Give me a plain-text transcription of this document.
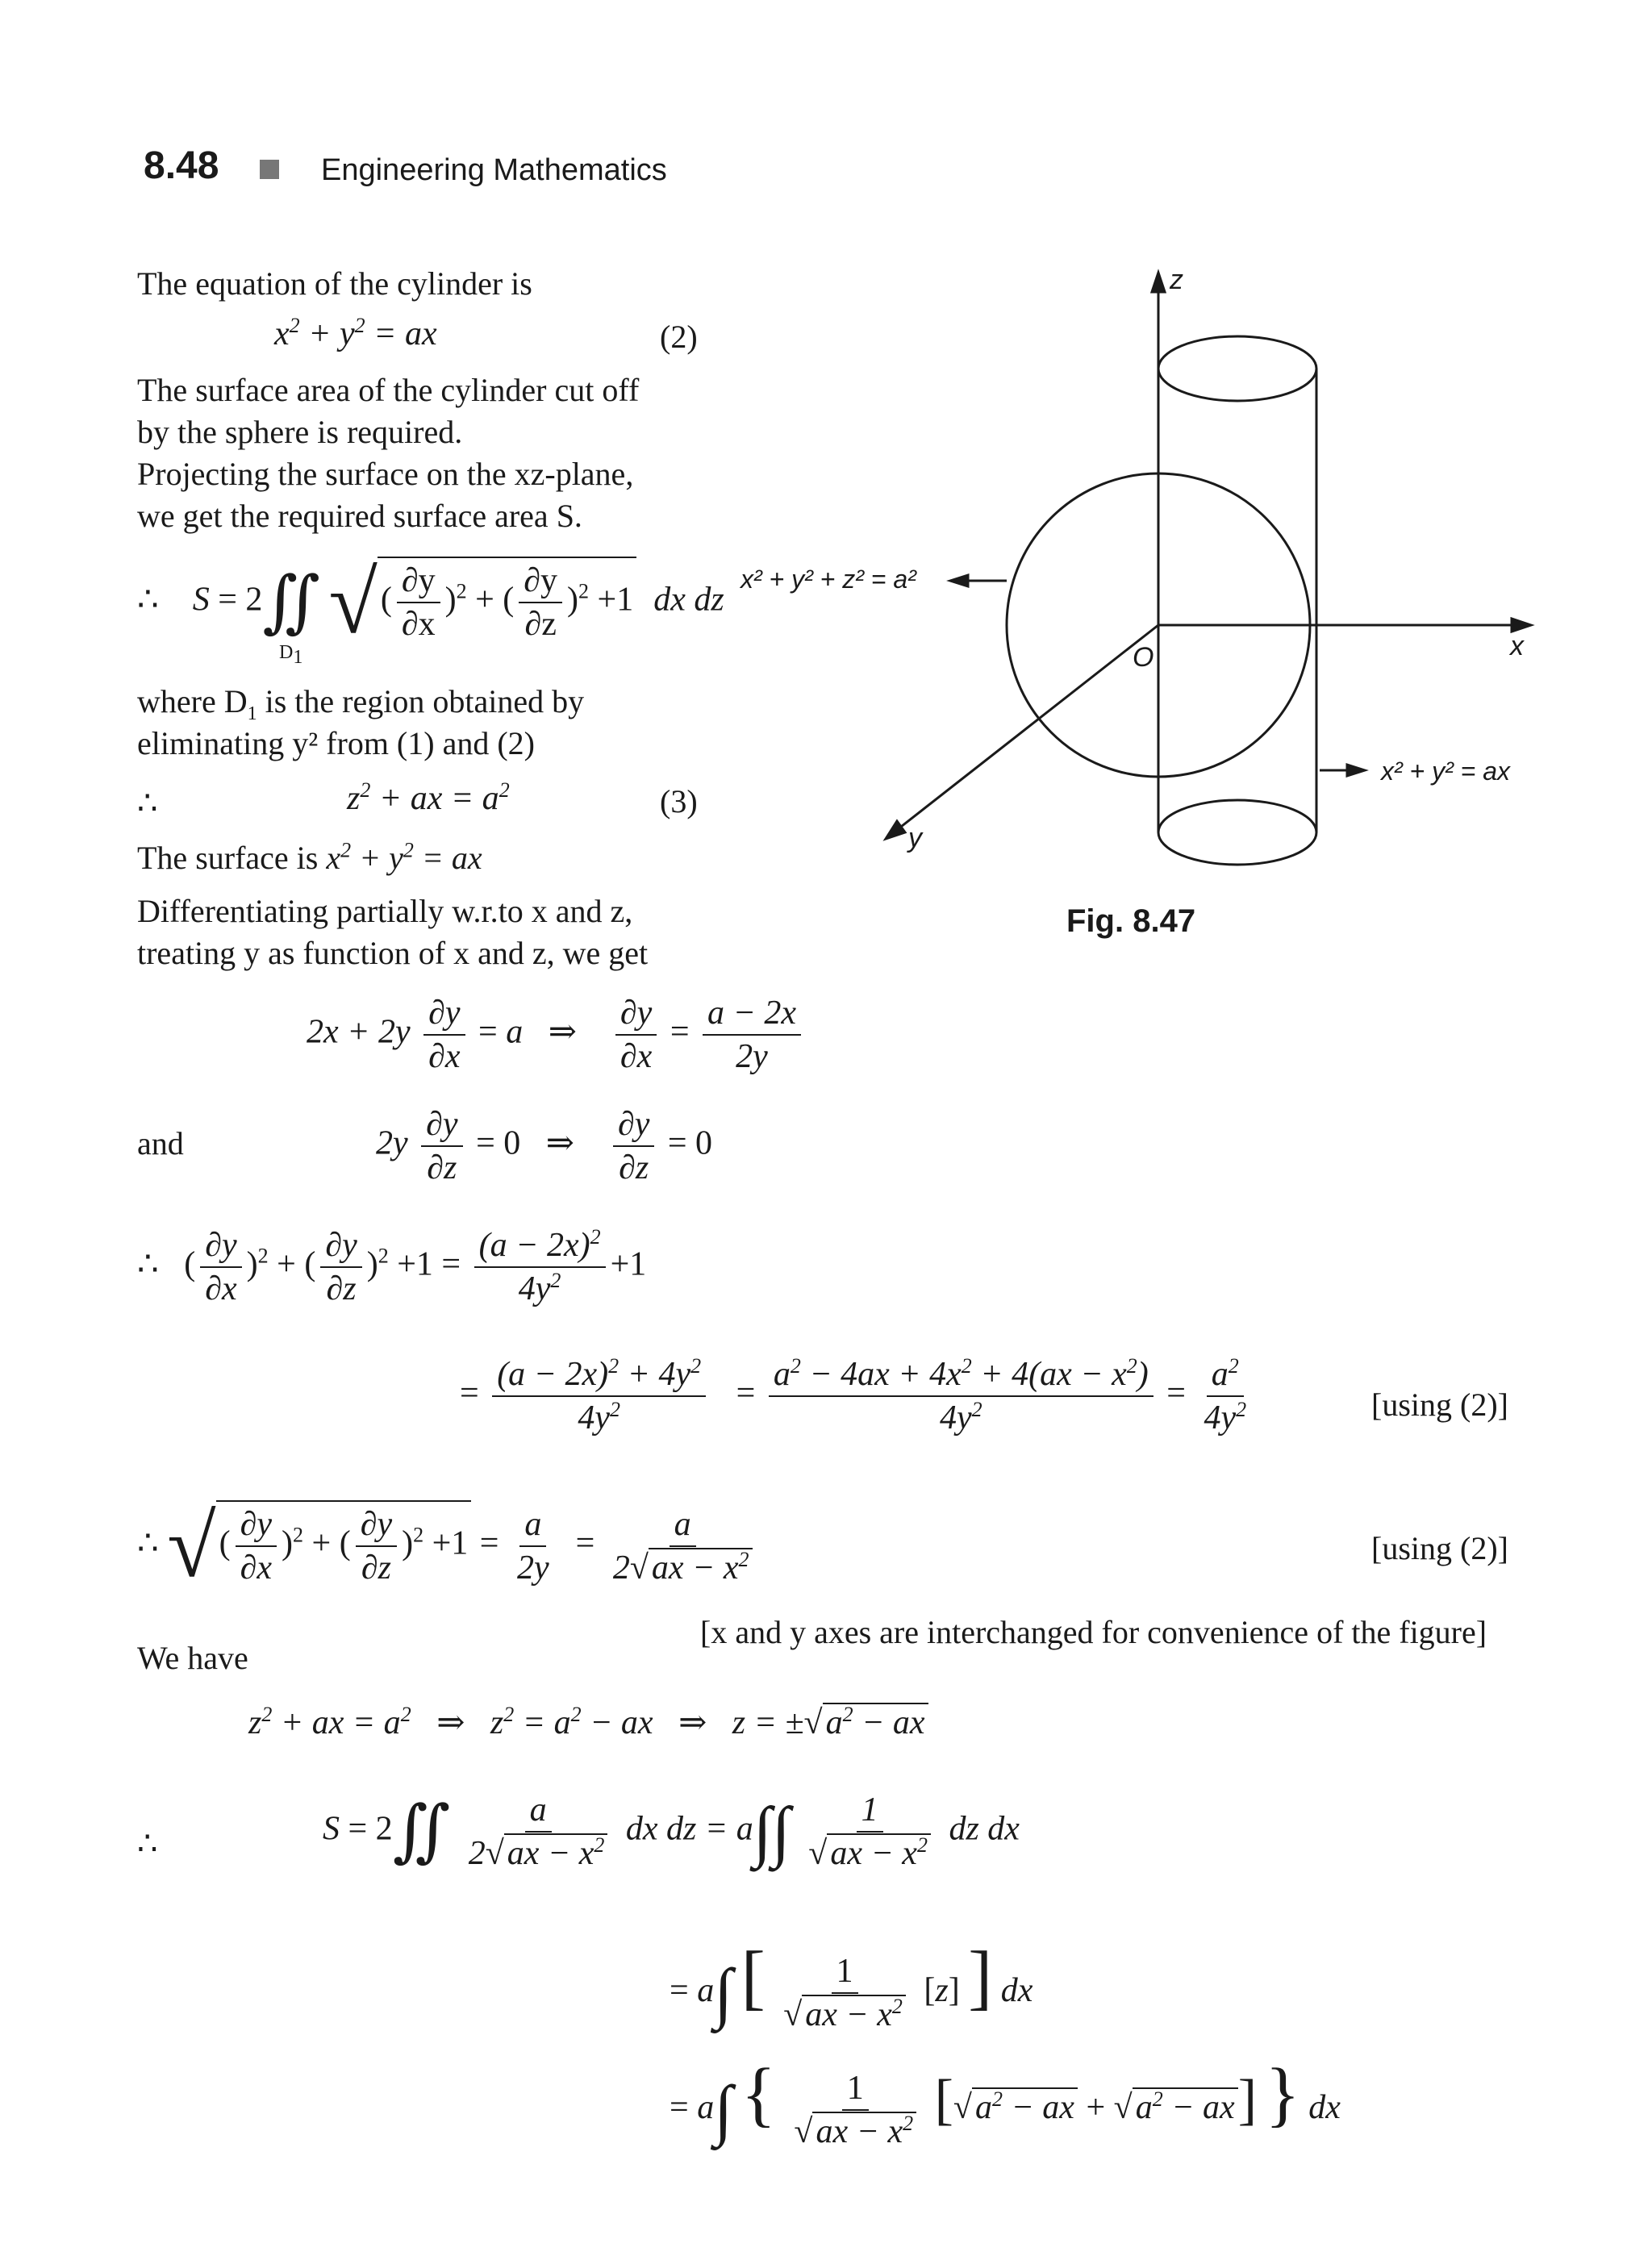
8.48	Engineering Mathematics
The equation of the cylinder is
$x^2 + y^2$ = ax	(2)
The surface area of the cylinder cut off
by the sphere is required.
Projecting the surface on the xz-plane,
we get the required surface area S.
∴ S = 2∬ √( $\frac{\partial y}{\partial x} )^2$ + ( $\frac{\partial y}{\partial z} )^2 +1$  dx dz
$D_1$
where $D_1$ is the region obtained by
eliminating y² from (1) and (2)
∴	$z^2$ + ax = $a^2$	(3)
The surface is $x^2 + y^2$ = ax
Differentiating partially w.r.to x and z,
treating y as function of x and z, we get
$2x + 2y \frac{\partial y}{\partial x} = a$   ⇒ $\frac{\partial y}{\partial x} = \frac{a - 2x}{2y}$
and	$2y \frac{\partial y}{\partial z} = 0$   ⇒ $\frac{\partial y}{\partial z} = 0$
∴   ( $\frac{\partial y}{\partial x} )^2$ + ( $\frac{\partial y}{\partial z} )^2 +1 = \frac{(a - 2x)^2}{4y^2} +1$
= $\frac{(a - 2x)^2 + 4y^2}{4y^2} = \frac{a^2 - 4ax + 4x^2 + 4(ax - x^2)}{4y^2} = \frac{a^2}{4y^2}$	[using (2)]
∴ √( $\frac{\partial y}{\partial x} )^2$ + ( $\frac{\partial y}{\partial z} )^2 +1 = \frac{a}{2y} = \frac{a}{2√ax - x^2}$	[using (2)]
[x and y axes are interchanged for convenience of the figure]
We have
$z^2$ + ax = $a^2$ ⇒   $z^2 = a^2$ − ax   ⇒   $z = \pm√a^2$ − ax
∴	S = 2∬ $\frac{a}{2√ax - x^2}$ dx dz = $a\int\int \frac{1}{√ax - x^2}$ dz dx
= a∫ [ $\frac{1}{√ax - x^2} [z]$ ] dx
= a∫ { $\frac{1}{√ax - x^2} [√a^2$ − ax + $√a^2 - ax$] } dx
z
x
y
O
x² + y² + z² = a²
x² + y² = ax
Fig. 8.47
